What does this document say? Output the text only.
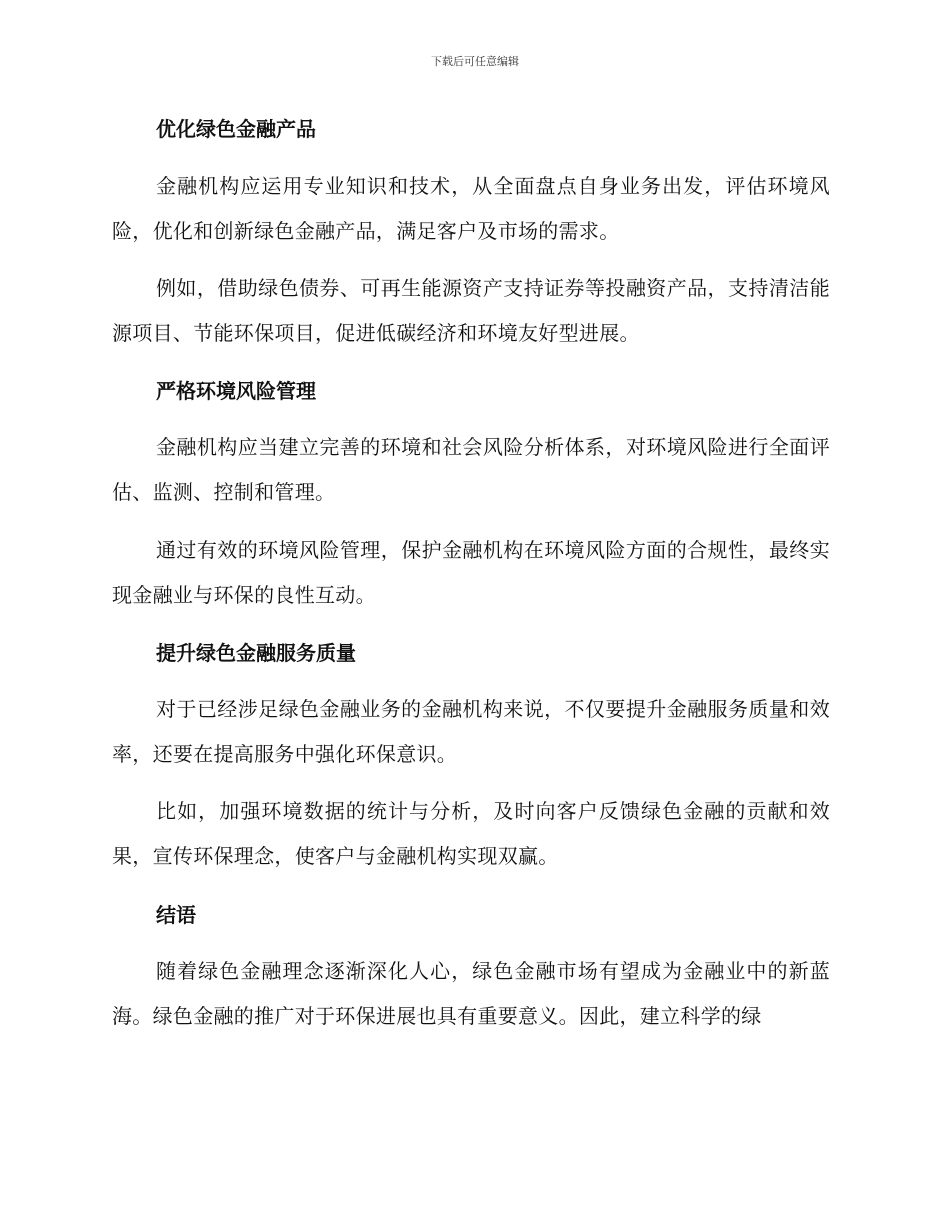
下载后可任意编辑
优化绿色金融产品
金融机构应运用专业知识和技术，从全面盘点自身业务出发，评估环境风险，优化和创新绿色金融产品，满足客户及市场的需求。
例如，借助绿色债券、可再生能源资产支持证券等投融资产品，支持清洁能源项目、节能环保项目，促进低碳经济和环境友好型进展。
严格环境风险管理
金融机构应当建立完善的环境和社会风险分析体系，对环境风险进行全面评估、监测、控制和管理。
通过有效的环境风险管理，保护金融机构在环境风险方面的合规性，最终实现金融业与环保的良性互动。
提升绿色金融服务质量
对于已经涉足绿色金融业务的金融机构来说，不仅要提升金融服务质量和效率，还要在提高服务中强化环保意识。
比如，加强环境数据的统计与分析，及时向客户反馈绿色金融的贡献和效果，宣传环保理念，使客户与金融机构实现双赢。
结语
随着绿色金融理念逐渐深化人心，绿色金融市场有望成为金融业中的新蓝海。绿色金融的推广对于环保进展也具有重要意义。因此，建立科学的绿
